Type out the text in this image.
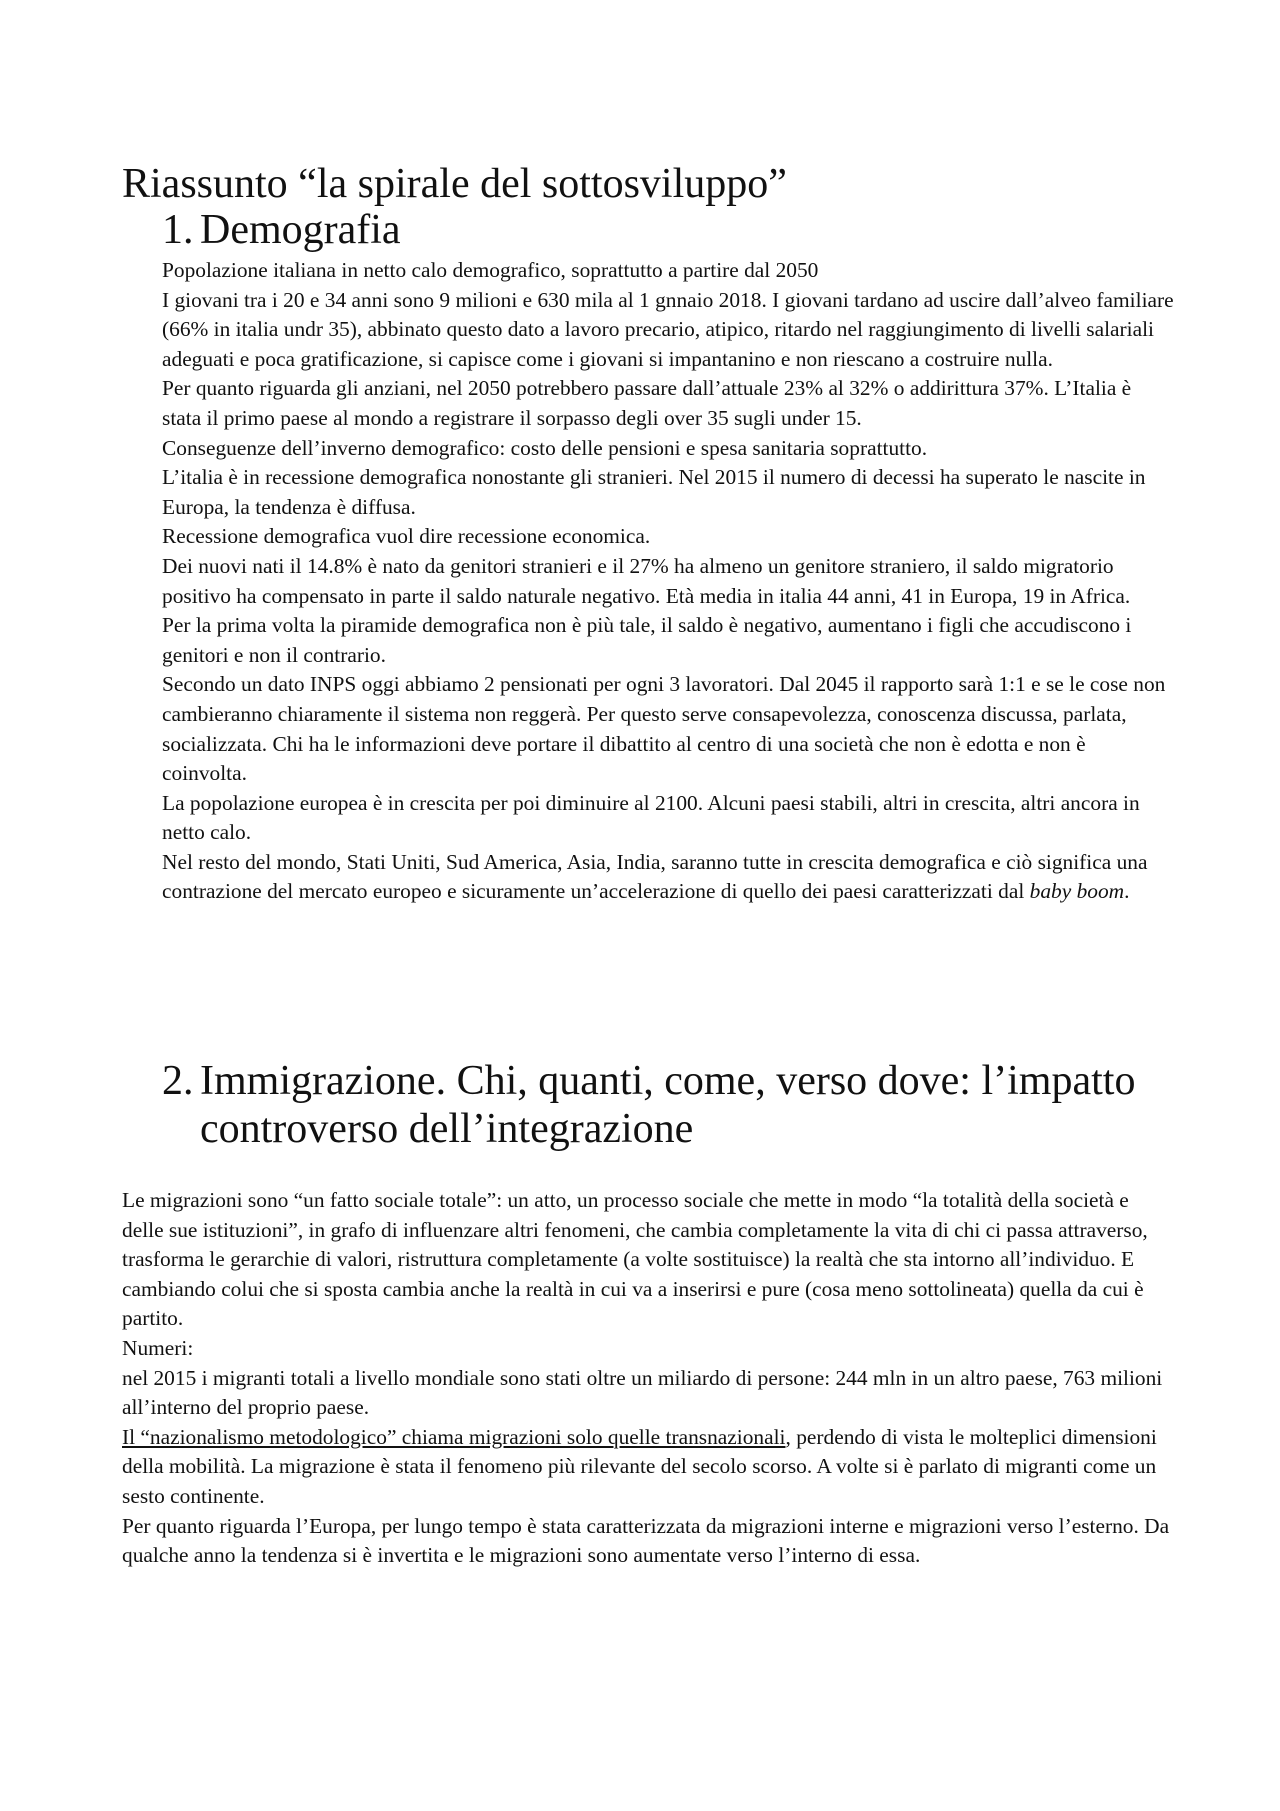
Riassunto “la spirale del sottosviluppo”
1. Demografia

Popolazione italiana in netto calo demografico, soprattutto a partire dal 2050

I giovani tra i 20 e 34 anni sono 9 milioni e 630 mila al 1 gnnaio 2018. I giovani tardano ad uscire dall’alveo familiare (66% in italia undr 35), abbinato questo dato a lavoro precario, atipico, ritardo nel raggiungimento di livelli salariali adeguati e poca gratificazione, si capisce come i giovani si impantanino e non riescano a costruire nulla.

Per quanto riguarda gli anziani, nel 2050 potrebbero passare dall’attuale 23% al 32% o addirittura 37%. L’Italia è stata il primo paese al mondo a registrare il sorpasso degli over 35 sugli under 15.

Conseguenze dell’inverno demografico: costo delle pensioni e spesa sanitaria soprattutto.

L’italia è in recessione demografica nonostante gli stranieri. Nel 2015 il numero di decessi ha superato le nascite in Europa, la tendenza è diffusa.

Recessione demografica vuol dire recessione economica.

Dei nuovi nati il 14.8% è nato da genitori stranieri e il 27% ha almeno un genitore straniero, il saldo migratorio positivo ha compensato in parte il saldo naturale negativo. Età media in italia 44 anni, 41 in Europa, 19 in Africa.

Per la prima volta la piramide demografica non è più tale, il saldo è negativo, aumentano i figli che accudiscono i genitori e non il contrario.

Secondo un dato INPS oggi abbiamo 2 pensionati per ogni 3 lavoratori. Dal 2045 il rapporto sarà 1:1 e se le cose non cambieranno chiaramente il sistema non reggerà. Per questo serve consapevolezza, conoscenza discussa, parlata, socializzata. Chi ha le informazioni deve portare il dibattito al centro di una società che non è edotta e non è coinvolta.

La popolazione europea è in crescita per poi diminuire al 2100. Alcuni paesi stabili, altri in crescita, altri ancora in netto calo.

Nel resto del mondo, Stati Uniti, Sud America, Asia, India, saranno tutte in crescita demografica e ciò significa una contrazione del mercato europeo e sicuramente un’accelerazione di quello dei paesi caratterizzati dal baby boom.

2. Immigrazione. Chi, quanti, come, verso dove: l’impatto controverso dell’integrazione

Le migrazioni sono “un fatto sociale totale”: un atto, un processo sociale che mette in modo “la totalità della società e delle sue istituzioni”, in grafo di influenzare altri fenomeni, che cambia completamente la vita di chi ci passa attraverso, trasforma le gerarchie di valori, ristruttura completamente (a volte sostituisce) la realtà che sta intorno all’individuo. E cambiando colui che si sposta cambia anche la realtà in cui va a inserirsi e pure (cosa meno sottolineata) quella da cui è partito.

Numeri:

nel 2015 i migranti totali a livello mondiale sono stati oltre un miliardo di persone: 244 mln in un altro paese, 763 milioni all’interno del proprio paese.

Il “nazionalismo metodologico” chiama migrazioni solo quelle transnazionali, perdendo di vista le molteplici dimensioni della mobilità. La migrazione è stata il fenomeno più rilevante del secolo scorso. A volte si è parlato di migranti come un sesto continente.

Per quanto riguarda l’Europa, per lungo tempo è stata caratterizzata da migrazioni interne e migrazioni verso l’esterno. Da qualche anno la tendenza si è invertita e le migrazioni sono aumentate verso l’interno di essa.
